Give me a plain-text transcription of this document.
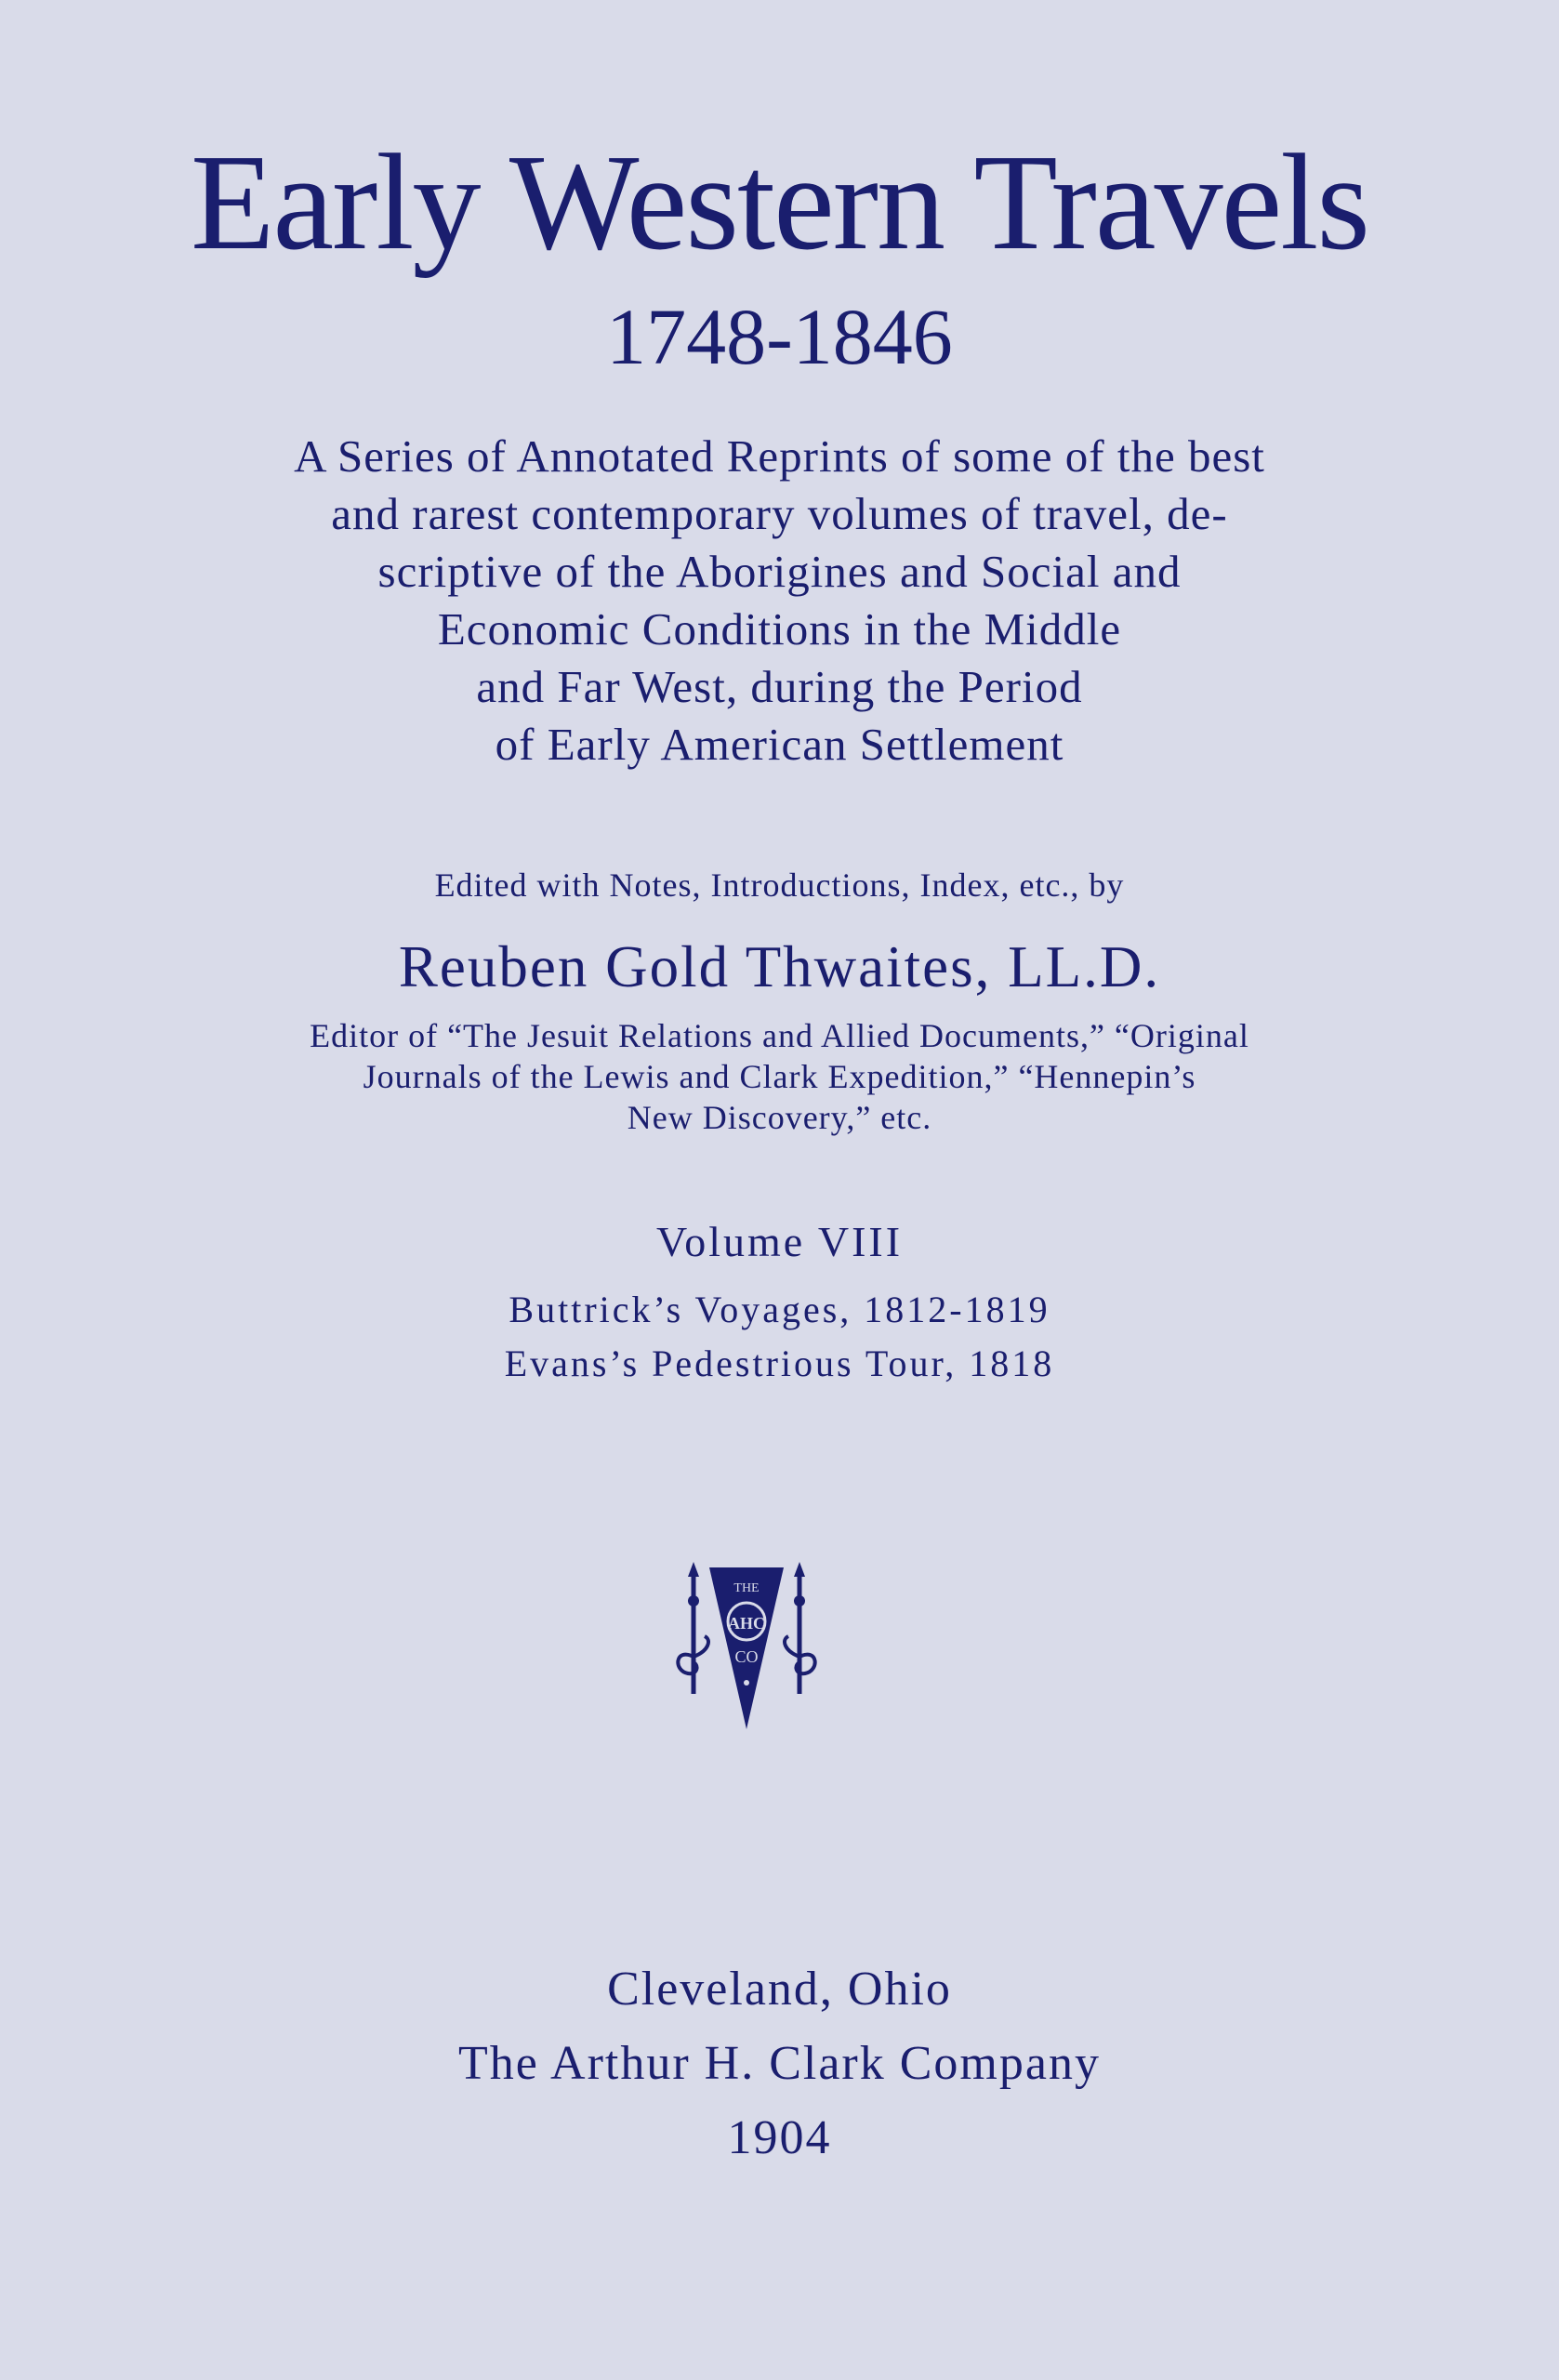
Early Western Travels
1748-1846
A Series of Annotated Reprints of some of the best
and rarest contemporary volumes of travel, de-
scriptive of the Aborigines and Social and
Economic Conditions in the Middle
and Far West, during the Period
of Early American Settlement
Edited with Notes, Introductions, Index, etc., by
Reuben Gold Thwaites, LL.D.
Editor of “The Jesuit Relations and Allied Documents,” “Original
Journals of the Lewis and Clark Expedition,” “Hennepin’s
New Discovery,” etc.
Volume VIII
Buttrick’s Voyages, 1812-1819
Evans’s Pedestrious Tour, 1818
THE
AHC
CO
Cleveland, Ohio
The Arthur H. Clark Company
1904
